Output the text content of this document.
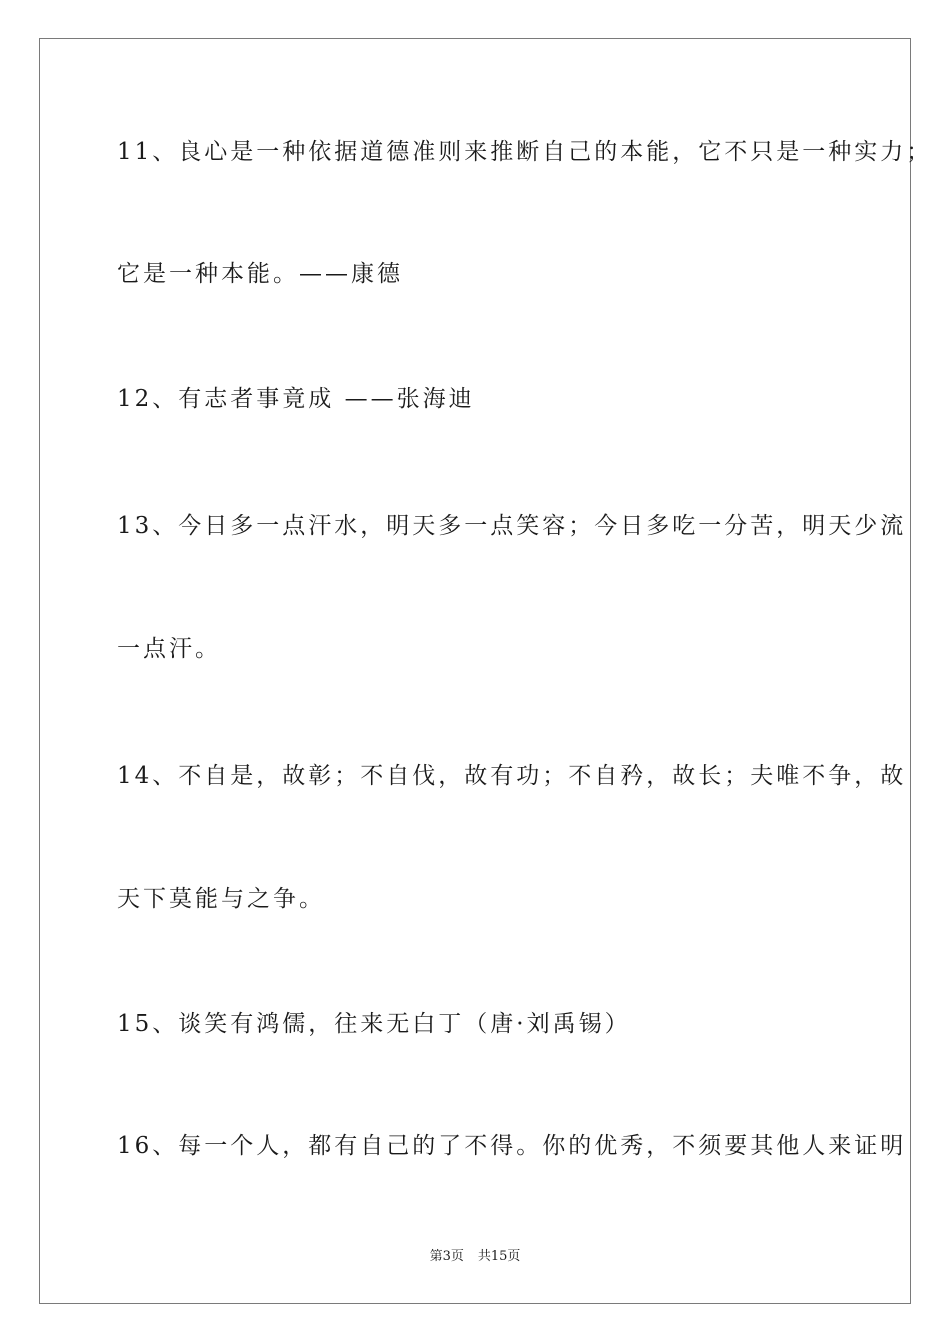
11、良心是一种依据道德准则来推断自己的本能，它不只是一种实力；
它是一种本能。——康德
12、有志者事竟成 ——张海迪
13、今日多一点汗水，明天多一点笑容；今日多吃一分苦，明天少流
一点汗。
14、不自是，故彰；不自伐，故有功；不自矜，故长；夫唯不争，故
天下莫能与之争。
15、谈笑有鸿儒，往来无白丁（唐·刘禹锡）
16、每一个人，都有自己的了不得。你的优秀，不须要其他人来证明
第3页 共15页
